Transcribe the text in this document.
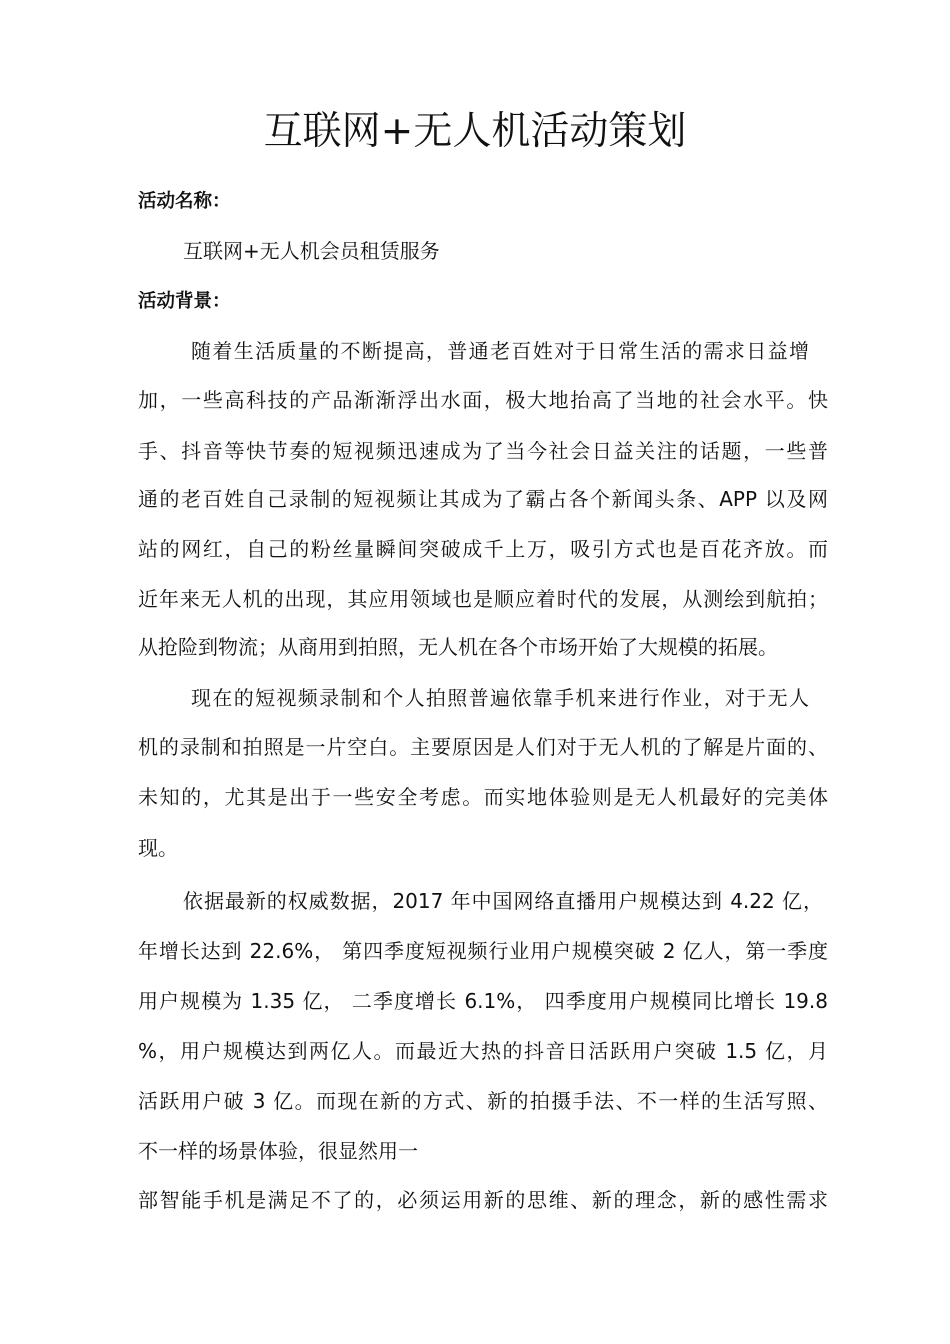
互联网+无人机活动策划
活动名称：
互联网+无人机会员租赁服务
活动背景：
随着生活质量的不断提高，普通老百姓对于日常生活的需求日益增
加，一些高科技的产品渐渐浮出水面，极大地抬高了当地的社会水平。快
手、抖音等快节奏的短视频迅速成为了当今社会日益关注的话题，一些普
通的老百姓自己录制的短视频让其成为了霸占各个新闻头条、APP 以及网
站的网红，自己的粉丝量瞬间突破成千上万，吸引方式也是百花齐放。而
近年来无人机的出现，其应用领域也是顺应着时代的发展，从测绘到航拍；
从抢险到物流；从商用到拍照，无人机在各个市场开始了大规模的拓展。
现在的短视频录制和个人拍照普遍依靠手机来进行作业，对于无人
机的录制和拍照是一片空白。主要原因是人们对于无人机的了解是片面的、
未知的，尤其是出于一些安全考虑。而实地体验则是无人机最好的完美体
现。
依据最新的权威数据，2017 年中国网络直播用户规模达到 4.22 亿，
年增长达到 22.6%， 第四季度短视频行业用户规模突破 2 亿人，第一季度
用户规模为 1.35 亿， 二季度增长 6.1%， 四季度用户规模同比增长 19.8
%，用户规模达到两亿人。而最近大热的抖音日活跃用户突破 1.5 亿，月
活跃用户破 3 亿。而现在新的方式、新的拍摄手法、不一样的生活写照、
不一样的场景体验，很显然用一
部智能手机是满足不了的，必须运用新的思维、新的理念，新的感性需求
